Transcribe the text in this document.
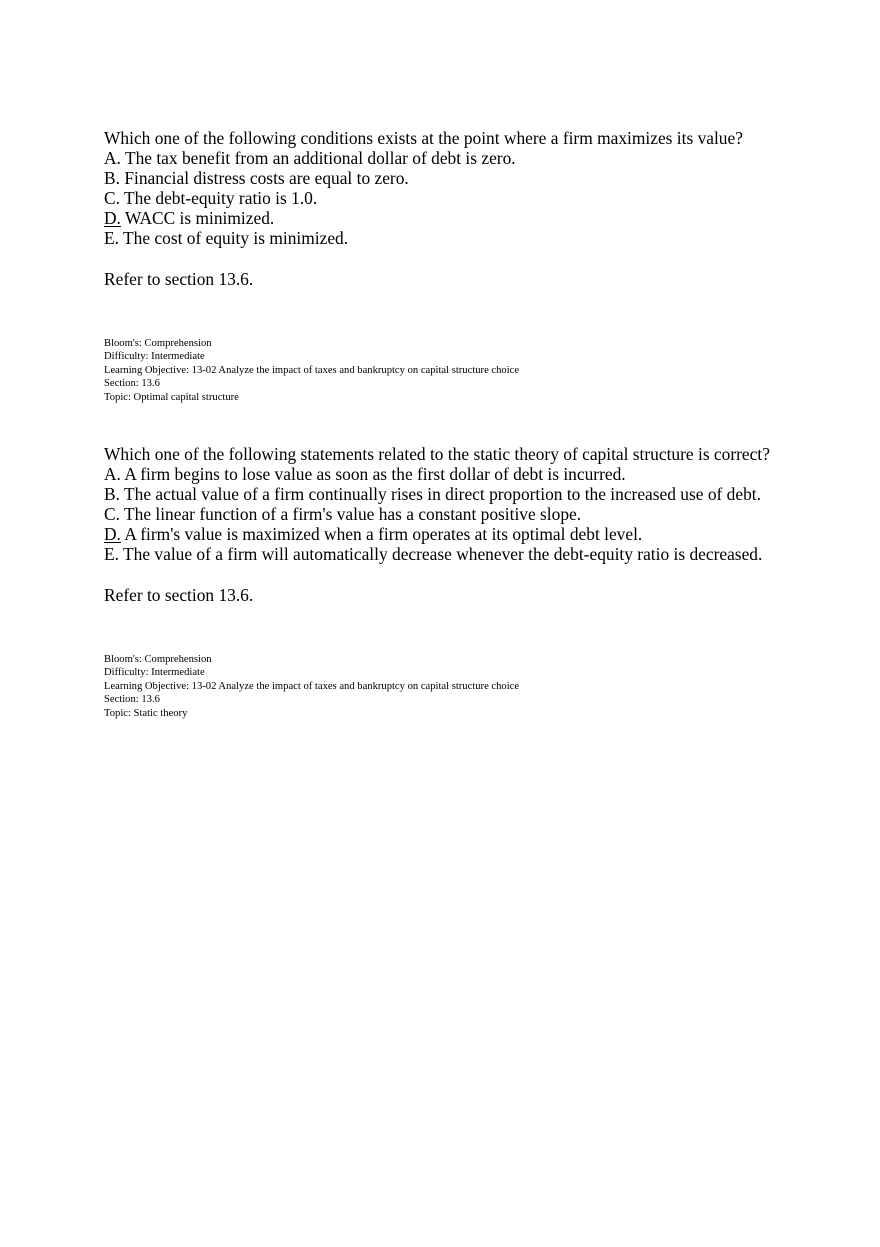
Which one of the following conditions exists at the point where a firm maximizes its value?
A. The tax benefit from an additional dollar of debt is zero.
B. Financial distress costs are equal to zero.
C. The debt-equity ratio is 1.0.
D. WACC is minimized.
E. The cost of equity is minimized.
Refer to section 13.6.
Bloom's: Comprehension
Difficulty: Intermediate
Learning Objective: 13-02 Analyze the impact of taxes and bankruptcy on capital structure choice
Section: 13.6
Topic: Optimal capital structure
Which one of the following statements related to the static theory of capital structure is correct?
A. A firm begins to lose value as soon as the first dollar of debt is incurred.
B. The actual value of a firm continually rises in direct proportion to the increased use of debt.
C. The linear function of a firm's value has a constant positive slope.
D. A firm's value is maximized when a firm operates at its optimal debt level.
E. The value of a firm will automatically decrease whenever the debt-equity ratio is decreased.
Refer to section 13.6.
Bloom's: Comprehension
Difficulty: Intermediate
Learning Objective: 13-02 Analyze the impact of taxes and bankruptcy on capital structure choice
Section: 13.6
Topic: Static theory
